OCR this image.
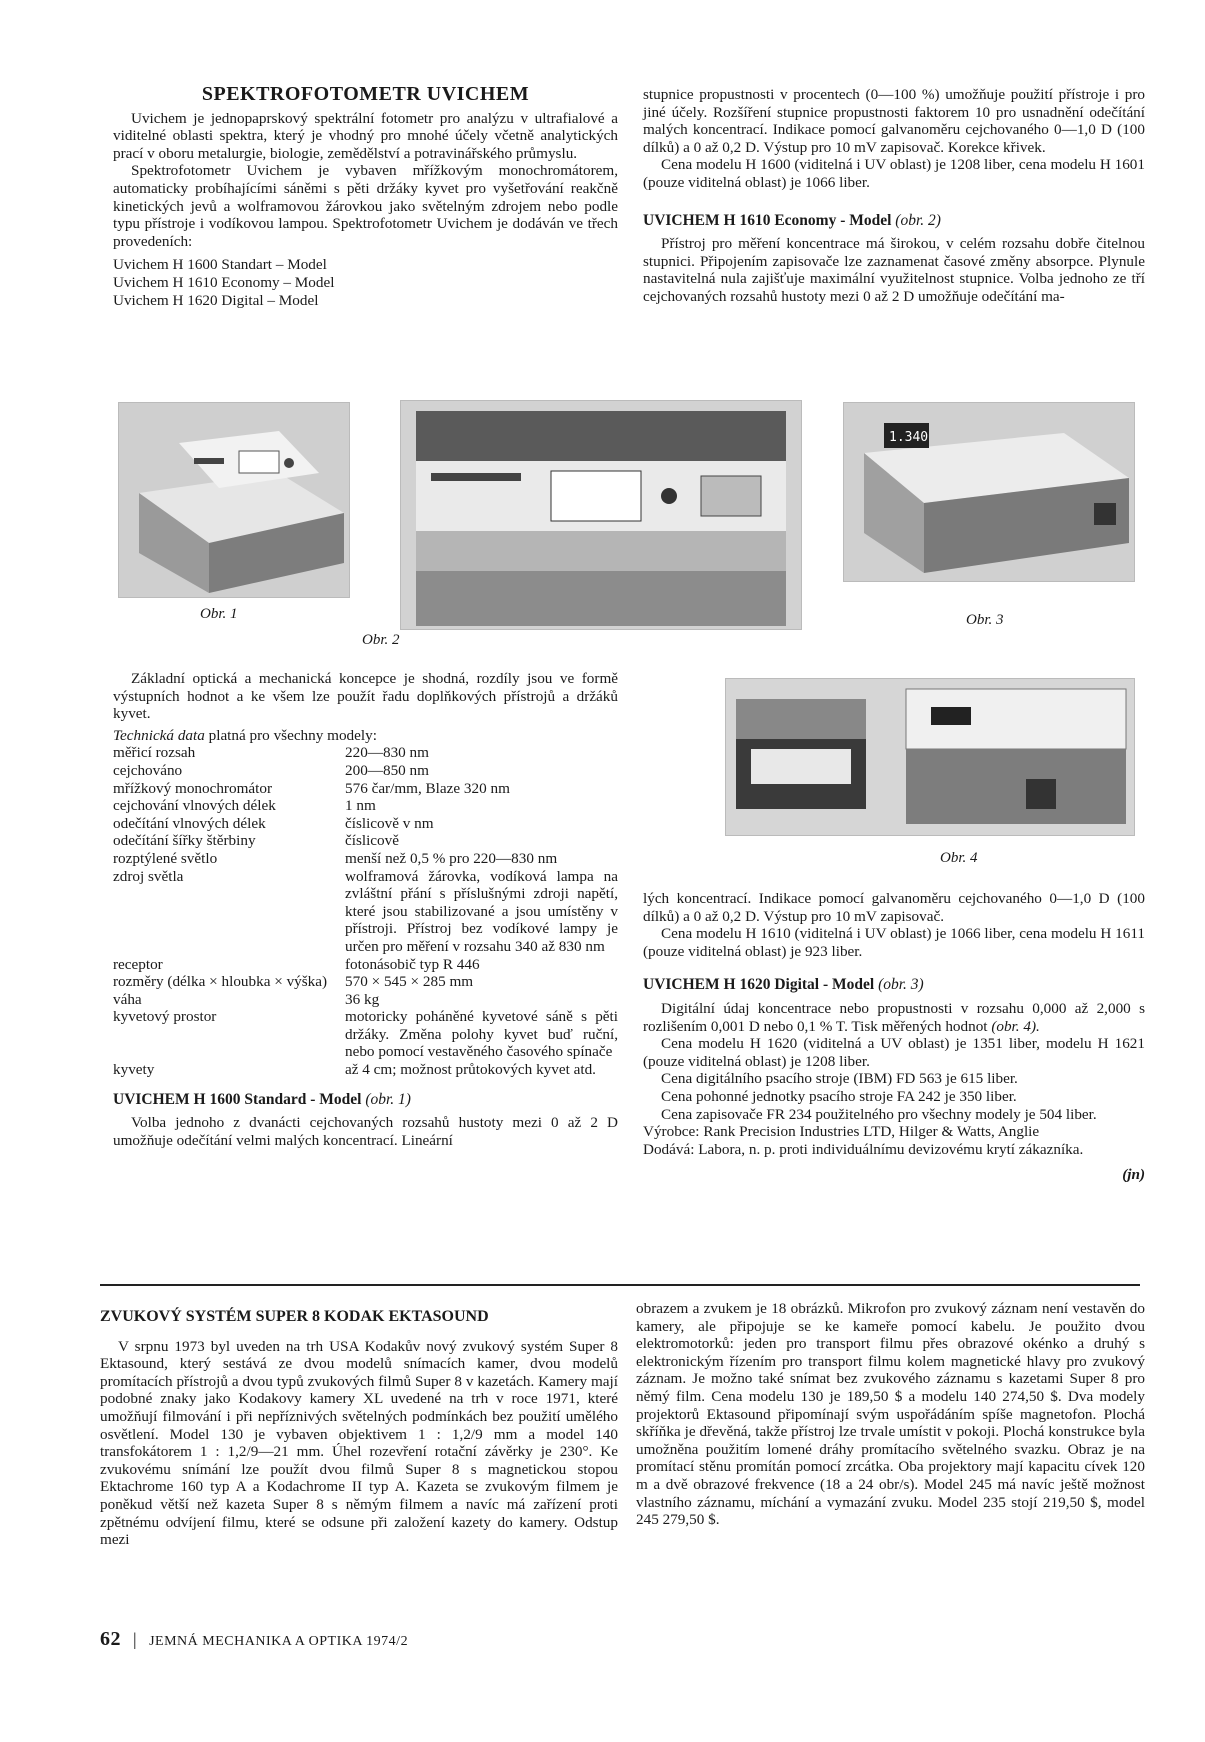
SPEKTROFOTOMETR UVICHEM

Uvichem je jednopaprskový spektrální fotometr pro analýzu v ultrafialové a viditelné oblasti spektra, který je vhodný pro mnohé účely včetně analytických prací v oboru metalurgie, biologie, zemědělství a potravinářského průmyslu.

Spektrofotometr Uvichem je vybaven mřížkovým monochromátorem, automaticky probíhajícími sáněmi s pěti držáky kyvet pro vyšetřování reakčně kinetických jevů a wolframovou žárovkou jako světelným zdrojem nebo podle typu přístroje i vodíkovou lampou. Spektrofotometr Uvichem je dodáván ve třech provedeních:

Uvichem H 1600 Standart – Model
Uvichem H 1610 Economy – Model
Uvichem H 1620 Digital – Model

stupnice propustnosti v procentech (0—100 %) umožňuje použití přístroje i pro jiné účely. Rozšíření stupnice propustnosti faktorem 10 pro usnadnění odečítání malých koncentrací. Indikace pomocí galvanoměru cejchovaného 0—1,0 D (100 dílků) a 0 až 0,2 D. Výstup pro 10 mV zapisovač. Korekce křivek.

Cena modelu H 1600 (viditelná i UV oblast) je 1208 liber, cena modelu H 1601 (pouze viditelná oblast) je 1066 liber.

UVICHEM H 1610 Economy - Model (obr. 2)

Přístroj pro měření koncentrace má širokou, v celém rozsahu dobře čitelnou stupnici. Připojením zapisovače lze zaznamenat časové změny absorpce. Plynule nastavitelná nula zajišťuje maximální využitelnost stupnice. Volba jednoho ze tří cejchovaných rozsahů hustoty mezi 0 až 2 D umožňuje odečítání ma-

1.340
Obr. 1
Obr. 2
Obr. 3
Obr. 4

Základní optická a mechanická koncepce je shodná, rozdíly jsou ve formě výstupních hodnot a ke všem lze použít řadu doplňkových přístrojů a držáků kyvet.

Technická data platná pro všechny modely:

měřicí rozsah	220—830 nm
cejchováno	200—850 nm
mřížkový monochromátor	576 čar/mm, Blaze 320 nm
cejchování vlnových délek	1 nm
odečítání vlnových délek	číslicově v nm
odečítání šířky štěrbiny	číslicově
rozptýlené světlo	menší než 0,5 % pro 220—830 nm
zdroj světla	wolframová žárovka, vodíková lampa na zvláštní přání s příslušnými zdroji napětí, které jsou stabilizované a jsou umístěny v přístroji. Přístroj bez vodíkové lampy je určen pro měření v rozsahu 340 až 830 nm
receptor	fotonásobič typ R 446
rozměry (délka × hloubka × výška)	570 × 545 × 285 mm
váha	36 kg
kyvetový prostor	motoricky poháněné kyvetové sáně s pěti držáky. Změna polohy kyvet buď ruční, nebo pomocí vestavěného časového spínače
kyvety	až 4 cm; možnost průtokových kyvet atd.
UVICHEM H 1600 Standard - Model (obr. 1)

Volba jednoho z dvanácti cejchovaných rozsahů hustoty mezi 0 až 2 D umožňuje odečítání velmi malých koncentrací. Lineární

lých koncentrací. Indikace pomocí galvanoměru cejchovaného 0—1,0 D (100 dílků) a 0 až 0,2 D. Výstup pro 10 mV zapisovač.

Cena modelu H 1610 (viditelná i UV oblast) je 1066 liber, cena modelu H 1611 (pouze viditelná oblast) je 923 liber.

UVICHEM H 1620 Digital - Model (obr. 3)

Digitální údaj koncentrace nebo propustnosti v rozsahu 0,000 až 2,000 s rozlišením 0,001 D nebo 0,1 % T. Tisk měřených hodnot (obr. 4).

Cena modelu H 1620 (viditelná a UV oblast) je 1351 liber, modelu H 1621 (pouze viditelná oblast) je 1208 liber.

Cena digitálního psacího stroje (IBM) FD 563 je 615 liber.

Cena pohonné jednotky psacího stroje FA 242 je 350 liber.

Cena zapisovače FR 234 použitelného pro všechny modely je 504 liber.

Výrobce: Rank Precision Industries LTD, Hilger & Watts, Anglie

Dodává: Labora, n. p. proti individuálnímu devizovému krytí zákazníka.

(jn)
ZVUKOVÝ SYSTÉM SUPER 8 KODAK EKTASOUND

V srpnu 1973 byl uveden na trh USA Kodakův nový zvukový systém Super 8 Ektasound, který sestává ze dvou modelů snímacích kamer, dvou modelů promítacích přístrojů a dvou typů zvukových filmů Super 8 v kazetách. Kamery mají podobné znaky jako Kodakovy kamery XL uvedené na trh v roce 1971, které umožňují filmování i při nepříznivých světelných podmínkách bez použití umělého osvětlení. Model 130 je vybaven objektivem 1 : 1,2/9 mm a model 140 transfokátorem 1 : 1,2/9—21 mm. Úhel rozevření rotační závěrky je 230°. Ke zvukovému snímání lze použít dvou filmů Super 8 s magnetickou stopou Ektachrome 160 typ A a Kodachrome II typ A. Kazeta se zvukovým filmem je poněkud větší než kazeta Super 8 s němým filmem a navíc má zařízení proti zpětnému odvíjení filmu, které se odsune při založení kazety do kamery. Odstup mezi

obrazem a zvukem je 18 obrázků. Mikrofon pro zvukový záznam není vestavěn do kamery, ale připojuje se ke kameře pomocí kabelu. Je použito dvou elektromotorků: jeden pro transport filmu přes obrazové okénko a druhý s elektronickým řízením pro transport filmu kolem magnetické hlavy pro zvukový záznam. Je možno také snímat bez zvukového záznamu s kazetami Super 8 pro němý film. Cena modelu 130 je 189,50 $ a modelu 140 274,50 $. Dva modely projektorů Ektasound připomínají svým uspořádáním spíše magnetofon. Plochá skříňka je dřevěná, takže přístroj lze trvale umístit v pokoji. Plochá konstrukce byla umožněna použitím lomené dráhy promítacího světelného svazku. Obraz je na promítací stěnu promítán pomocí zrcátka. Oba projektory mají kapacitu cívek 120 m a dvě obrazové frekvence (18 a 24 obr/s). Model 245 má navíc ještě možnost vlastního záznamu, míchání a vymazání zvuku. Model 235 stojí 219,50 $, model 245 279,50 $.

62 | JEMNÁ MECHANIKA A OPTIKA 1974/2
